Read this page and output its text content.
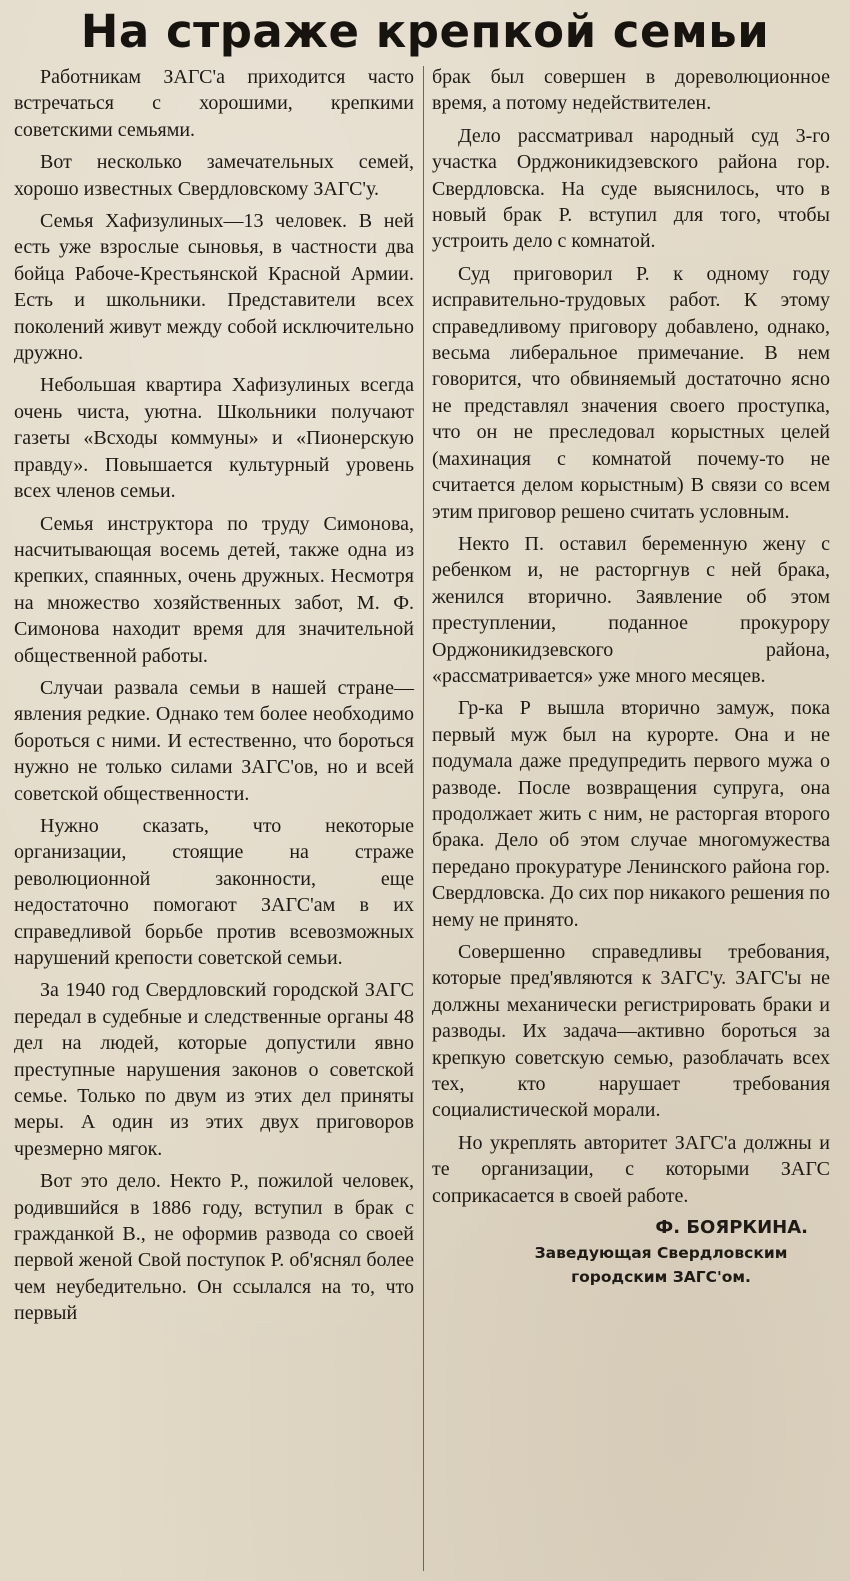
На страже крепкой семьи

Работникам ЗАГС'а приходится часто встречаться с хорошими, крепкими советскими семьями.

Вот несколько замечательных семей, хорошо известных Свердловскому ЗАГС'у.

Семья Хафизулиных—13 человек. В ней есть уже взрослые сыновья, в частности два бойца Рабоче-Крестьянской Красной Армии. Есть и школьники. Представители всех поколений живут между собой исключительно дружно.

Небольшая квартира Хафизулиных всегда очень чиста, уютна. Школьники получают газеты «Всходы коммуны» и «Пионерскую правду». Повышается культурный уровень всех членов семьи.

Семья инструктора по труду Симонова, насчитывающая восемь детей, также одна из крепких, спаянных, очень дружных. Несмотря на множество хозяйственных забот, М. Ф. Симонова находит время для значительной общественной работы.

Случаи развала семьи в нашей стране—явления редкие. Однако тем более необходимо бороться с ними. И естественно, что бороться нужно не только силами ЗАГС'ов, но и всей советской общественности.

Нужно сказать, что некоторые организации, стоящие на страже революционной законности, еще недостаточно помогают ЗАГС'ам в их справедливой борьбе против всевозможных нарушений крепости советской семьи.

За 1940 год Свердловский городской ЗАГС передал в судебные и следственные органы 48 дел на людей, которые допустили явно преступные нарушения законов о советской семье. Только по двум из этих дел приняты меры. А один из этих двух приговоров чрезмерно мягок.

Вот это дело. Некто Р., пожилой человек, родившийся в 1886 году, вступил в брак с гражданкой В., не оформив развода со своей первой женой Свой поступок Р. об'яснял более чем неубедительно. Он ссылался на то, что первый

брак был совершен в дореволюционное время, а потому недействителен.

Дело рассматривал народный суд 3-го участка Орджоникидзевского района гор. Свердловска. На суде выяснилось, что в новый брак Р. вступил для того, чтобы устроить дело с комнатой.

Суд приговорил Р. к одному году исправительно-трудовых работ. К этому справедливому приговору добавлено, однако, весьма либеральное примечание. В нем говорится, что обвиняемый достаточно ясно не представлял значения своего проступка, что он не преследовал корыстных целей (махинация с комнатой почему-то не считается делом корыстным) В связи со всем этим приговор решено считать условным.

Некто П. оставил беременную жену с ребенком и, не расторгнув с ней брака, женился вторично. Заявление об этом преступлении, поданное прокурору Орджоникидзевского района, «рассматривается» уже много месяцев.

Гр-ка Р вышла вторично замуж, пока первый муж был на курорте. Она и не подумала даже предупредить первого мужа о разводе. После возвращения супруга, она продолжает жить с ним, не расторгая второго брака. Дело об этом случае многомужества передано прокуратуре Ленинского района гор. Свердловска. До сих пор никакого решения по нему не принято.

Совершенно справедливы требования, которые пред'являются к ЗАГС'у. ЗАГС'ы не должны механически регистрировать браки и разводы. Их задача—активно бороться за крепкую советскую семью, разоблачать всех тех, кто нарушает требования социалистической морали.

Но укреплять авторитет ЗАГС'а должны и те организации, с которыми ЗАГС соприкасается в своей работе.

Ф. БОЯРКИНА.
Заведующая Свердловским
городским ЗАГС'ом.
